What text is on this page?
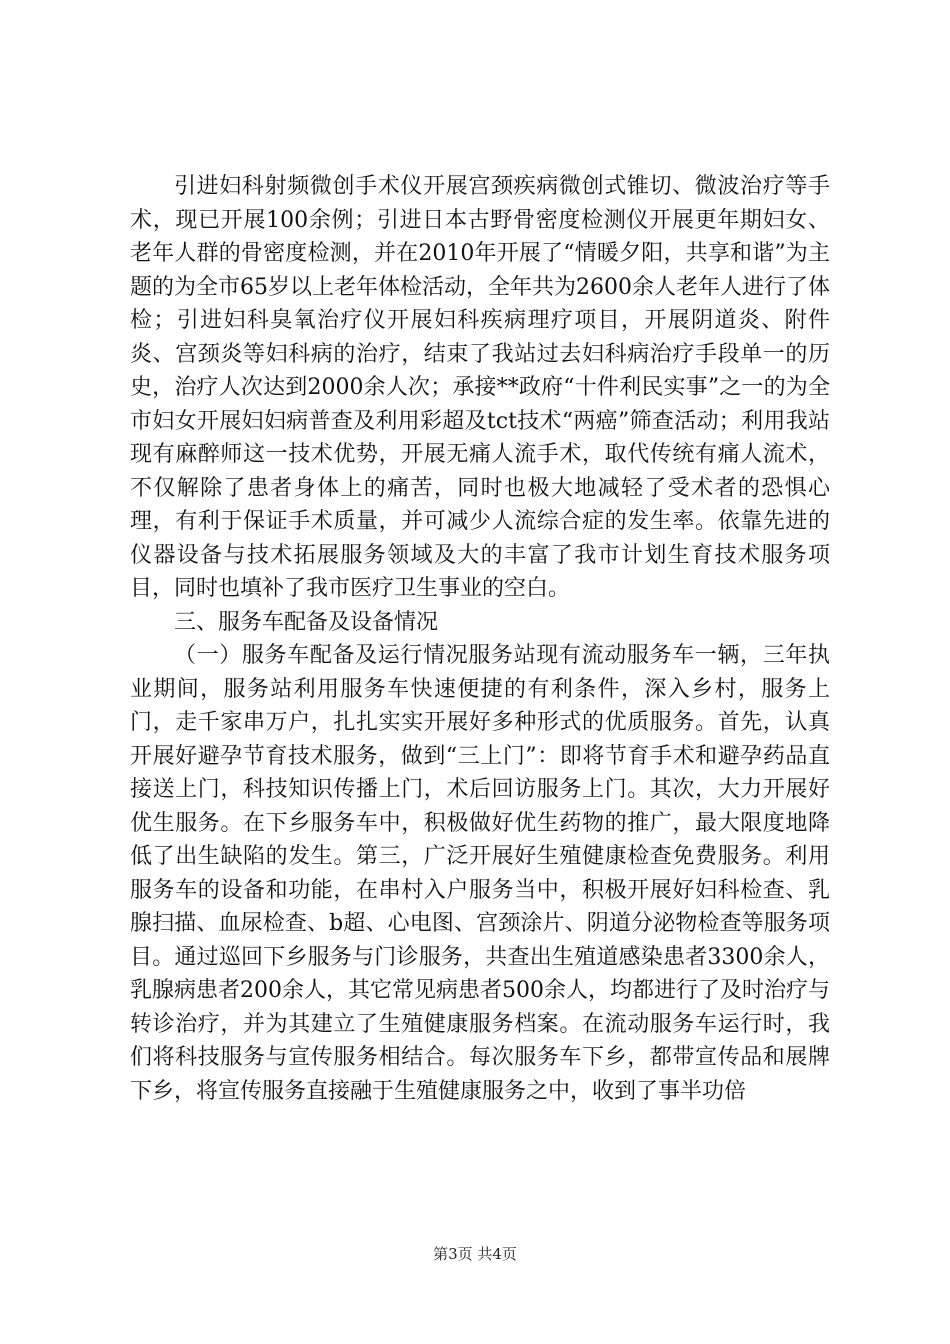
引进妇科射频微创手术仪开展宫颈疾病微创式锥切、微波治疗等手术，现已开展100余例；引进日本古野骨密度检测仪开展更年期妇女、老年人群的骨密度检测，并在2010年开展了“情暖夕阳，共享和谐”为主题的为全市65岁以上老年体检活动，全年共为2600余人老年人进行了体检；引进妇科臭氧治疗仪开展妇科疾病理疗项目，开展阴道炎、附件炎、宫颈炎等妇科病的治疗，结束了我站过去妇科病治疗手段单一的历史，治疗人次达到2000余人次；承接**政府“十件利民实事”之一的为全市妇女开展妇妇病普查及利用彩超及tct技术“两癌”筛查活动；利用我站现有麻醉师这一技术优势，开展无痛人流手术，取代传统有痛人流术，不仅解除了患者身体上的痛苦，同时也极大地减轻了受术者的恐惧心理，有利于保证手术质量，并可减少人流综合症的发生率。依靠先进的仪器设备与技术拓展服务领域及大的丰富了我市计划生育技术服务项目，同时也填补了我市医疗卫生事业的空白。

三、服务车配备及设备情况

（一）服务车配备及运行情况服务站现有流动服务车一辆，三年执业期间，服务站利用服务车快速便捷的有利条件，深入乡村，服务上门，走千家串万户，扎扎实实开展好多种形式的优质服务。首先，认真开展好避孕节育技术服务，做到“三上门”：即将节育手术和避孕药品直接送上门，科技知识传播上门，术后回访服务上门。其次，大力开展好优生服务。在下乡服务车中，积极做好优生药物的推广，最大限度地降低了出生缺陷的发生。第三，广泛开展好生殖健康检查免费服务。利用服务车的设备和功能，在串村入户服务当中，积极开展好妇科检查、乳腺扫描、血尿检查、b超、心电图、宫颈涂片、阴道分泌物检查等服务项目。通过巡回下乡服务与门诊服务，共查出生殖道感染患者3300余人，乳腺病患者200余人，其它常见病患者500余人，均都进行了及时治疗与转诊治疗，并为其建立了生殖健康服务档案。在流动服务车运行时，我们将科技服务与宣传服务相结合。每次服务车下乡，都带宣传品和展牌下乡，将宣传服务直接融于生殖健康服务之中，收到了事半功倍

第3页 共4页
